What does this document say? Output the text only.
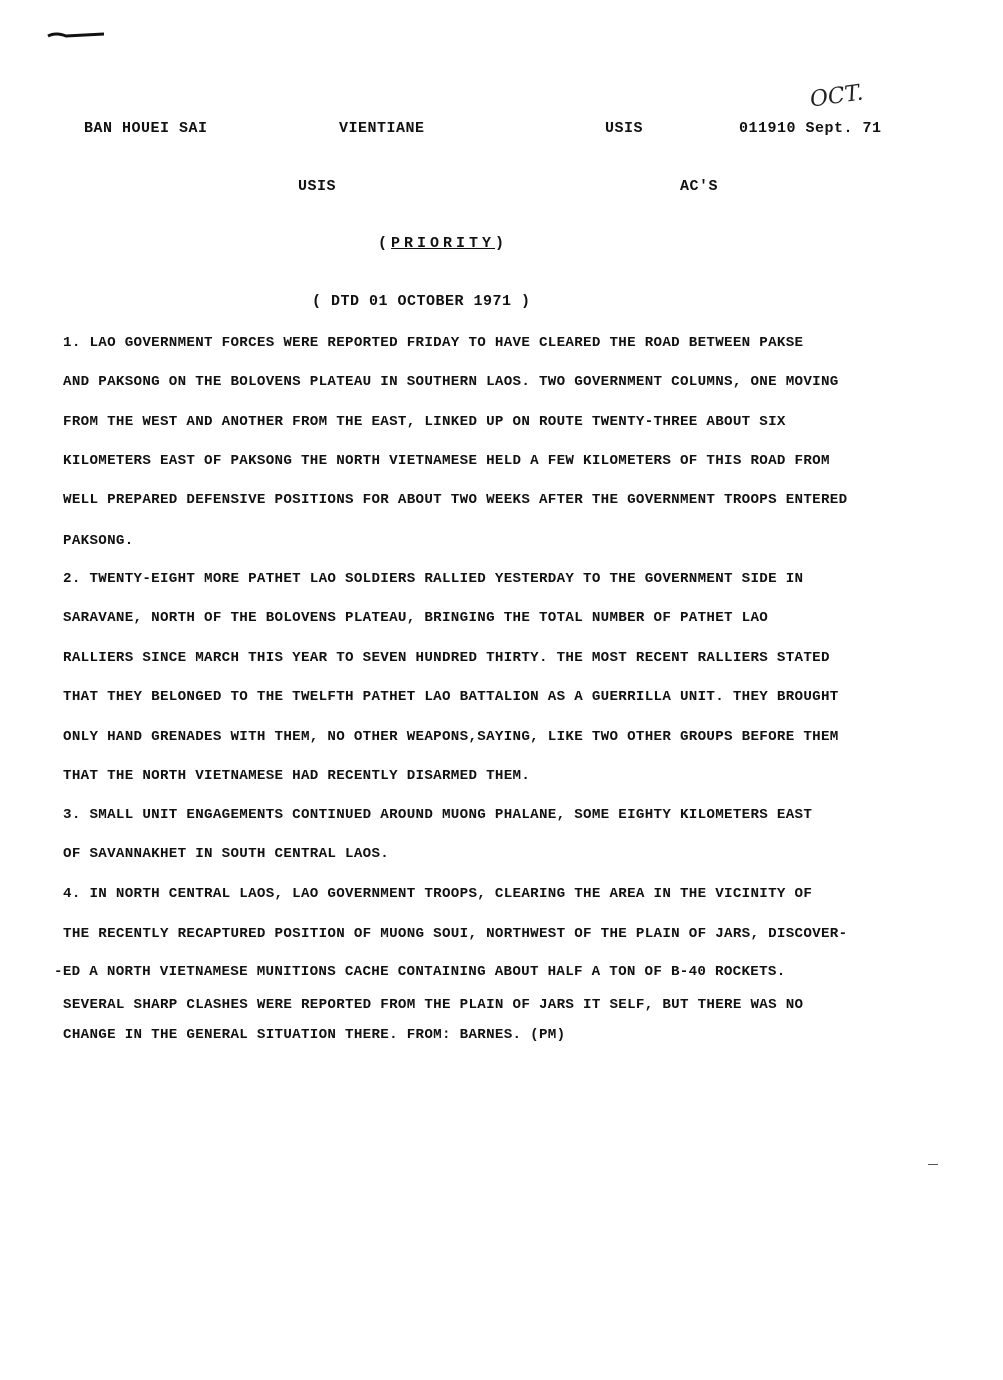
OCT.
BAN HOUEI SAI	VIENTIANE	USIS	011910 Sept. 71
USIS	AC'S
(PRIORITY)
( DTD 01 OCTOBER 1971 )
1. LAO GOVERNMENT FORCES WERE REPORTED FRIDAY TO HAVE CLEARED THE ROAD BETWEEN PAKSE
AND PAKSONG ON THE BOLOVENS PLATEAU IN SOUTHERN LAOS. TWO GOVERNMENT COLUMNS, ONE MOVING
FROM THE WEST AND ANOTHER FROM THE EAST, LINKED UP ON ROUTE TWENTY-THREE ABOUT SIX
KILOMETERS EAST OF PAKSONG THE NORTH VIETNAMESE HELD A FEW KILOMETERS OF THIS ROAD FROM
WELL PREPARED DEFENSIVE POSITIONS FOR ABOUT TWO WEEKS AFTER THE GOVERNMENT TROOPS ENTERED
PAKSONG.
2. TWENTY-EIGHT MORE PATHET LAO SOLDIERS RALLIED YESTERDAY TO THE GOVERNMENT SIDE IN
SARAVANE, NORTH OF THE BOLOVENS PLATEAU, BRINGING THE TOTAL NUMBER OF PATHET LAO
RALLIERS SINCE MARCH THIS YEAR TO SEVEN HUNDRED THIRTY. THE MOST RECENT RALLIERS STATED
THAT THEY BELONGED TO THE TWELFTH PATHET LAO BATTALION AS A GUERRILLA UNIT. THEY BROUGHT
ONLY HAND GRENADES WITH THEM, NO OTHER WEAPONS,SAYING, LIKE TWO OTHER GROUPS BEFORE THEM
THAT THE NORTH VIETNAMESE HAD RECENTLY DISARMED THEM.
3. SMALL UNIT ENGAGEMENTS CONTINUED AROUND MUONG PHALANE, SOME EIGHTY KILOMETERS EAST
OF SAVANNAKHET IN SOUTH CENTRAL LAOS.
4. IN NORTH CENTRAL LAOS, LAO GOVERNMENT TROOPS, CLEARING THE AREA IN THE VICINITY OF
THE RECENTLY RECAPTURED POSITION OF MUONG SOUI, NORTHWEST OF THE PLAIN OF JARS, DISCOVER-
-ED A NORTH VIETNAMESE MUNITIONS CACHE CONTAINING ABOUT HALF A TON OF B-40 ROCKETS.
SEVERAL SHARP CLASHES WERE REPORTED FROM THE PLAIN OF JARS IT SELF, BUT THERE WAS NO
CHANGE IN THE GENERAL SITUATION THERE. FROM: BARNES. (PM)
